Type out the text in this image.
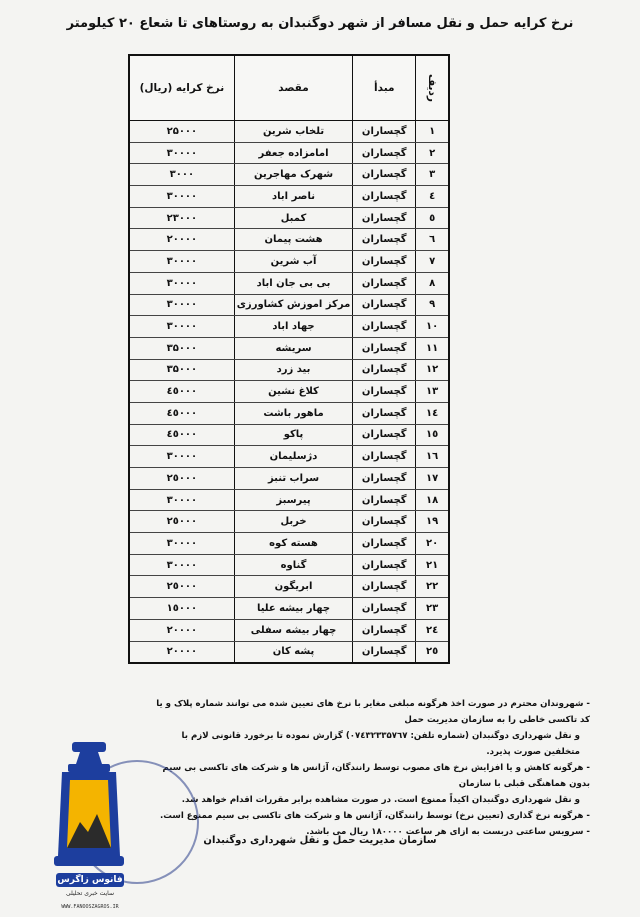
نرخ کرایه حمل و نقل مسافر از شهر دوگنبدان به روستاهای تا شعاع ۲۰ کیلومتر
ردیف	مبدأ	مقصد	نرخ کرایه (ریال)
۱	گچساران	تلخاب شرین	۲۵۰۰۰
۲	گچساران	امامزاده جعفر	۳۰۰۰۰
۳	گچساران	شهرک مهاجرین	۳۰۰۰
٤	گچساران	ناصر اباد	۳۰۰۰۰
٥	گچساران	کمبل	۲۳۰۰۰
٦	گچساران	هشت پیمان	۲۰۰۰۰
۷	گچساران	آب شرین	۳۰۰۰۰
۸	گچساران	بی بی جان اباد	۳۰۰۰۰
۹	گچساران	مرکز اموزش کشاورزی	۳۰۰۰۰
۱۰	گچساران	جهاد اباد	۳۰۰۰۰
۱۱	گچساران	سریشه	۳۵۰۰۰
۱۲	گچساران	بید زرد	۳۵۰۰۰
۱۳	گچساران	کلاغ نشین	٤٥۰۰۰
۱٤	گچساران	ماهور باشت	٤٥۰۰۰
۱٥	گچساران	پاکو	٤٥۰۰۰
۱٦	گچساران	دژسلیمان	۳۰۰۰۰
۱۷	گچساران	سراب تنبز	۲٥۰۰۰
۱۸	گچساران	پیرسبز	۳۰۰۰۰
۱۹	گچساران	خربل	۲٥۰۰۰
۲۰	گچساران	هسته کوه	۳۰۰۰۰
۲۱	گچساران	گناوه	۳۰۰۰۰
۲۲	گچساران	ابریگون	۲٥۰۰۰
۲۳	گچساران	چهار بیشه علیا	۱٥۰۰۰
۲٤	گچساران	چهار بیشه سفلی	۲۰۰۰۰
۲٥	گچساران	پشه کان	۲۰۰۰۰

- شهروندان محترم در صورت اخذ هرگونه مبلغی مغایر با نرخ های تعیین شده می توانند شماره پلاک و یا کد تاکسی خاطی را به سازمان مدیریت حمل

و نقل شهرداری دوگنبدان (شماره تلفن: ۰۷٤۳۲۳۳۵۷٦۷) گزارش نموده تا برخورد قانونی لازم با متخلفین صورت پذیرد.

- هرگونه کاهش و یا افزایش نرخ های مصوب توسط رانندگان، آژانس ها و شرکت های تاکسی بی سیم بدون هماهنگی قبلی با سازمان

و نقل شهرداری دوگنبدان اکیداً ممنوع است. در صورت مشاهده برابر مقررات اقدام خواهد شد.

- هرگونه نرخ گذاری (تعیین نرخ) توسط رانندگان، آژانس ها و شرکت های تاکسی بی سیم ممنوع است.

- سرویس ساعتی دربست به ازای هر ساعت ۱۸۰۰۰۰ ریال می باشد.

سازمان مدیریت حمل و نقل شهرداری دوگنبدان
فانوس زاگرس
سایت خبری تحلیلی
WWW.FANOOSZAGROS.IR
